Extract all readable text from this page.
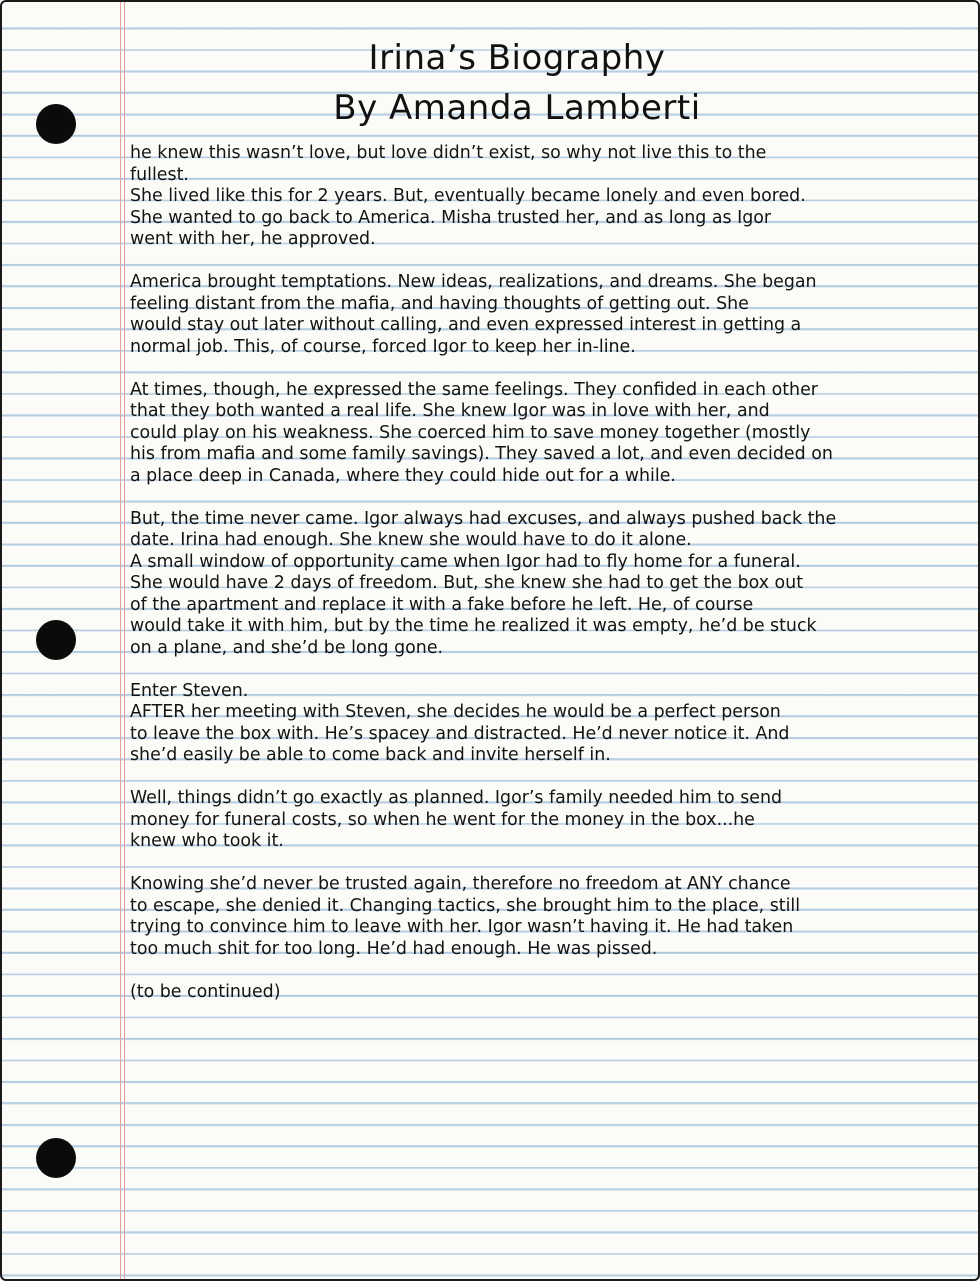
Irina’s Biography
By Amanda Lamberti
he knew this wasn’t love, but love didn’t exist, so why not live this to the
fullest.
She lived like this for 2 years. But, eventually became lonely and even bored.
She wanted to go back to America. Misha trusted her, and as long as Igor
went with her, he approved.
America brought temptations. New ideas, realizations, and dreams. She began
feeling distant from the mafia, and having thoughts of getting out. She
would stay out later without calling, and even expressed interest in getting a
normal job. This, of course, forced Igor to keep her in-line.
At times, though, he expressed the same feelings. They confided in each other
that they both wanted a real life. She knew Igor was in love with her, and
could play on his weakness. She coerced him to save money together (mostly
his from mafia and some family savings). They saved a lot, and even decided on
a place deep in Canada, where they could hide out for a while.
But, the time never came. Igor always had excuses, and always pushed back the
date. Irina had enough. She knew she would have to do it alone.
A small window of opportunity came when Igor had to fly home for a funeral.
She would have 2 days of freedom. But, she knew she had to get the box out
of the apartment and replace it with a fake before he left. He, of course
would take it with him, but by the time he realized it was empty, he’d be stuck
on a plane, and she’d be long gone.
Enter Steven.
AFTER her meeting with Steven, she decides he would be a perfect person
to leave the box with. He’s spacey and distracted. He’d never notice it. And
she’d easily be able to come back and invite herself in.
Well, things didn’t go exactly as planned. Igor’s family needed him to send
money for funeral costs, so when he went for the money in the box...he
knew who took it.
Knowing she’d never be trusted again, therefore no freedom at ANY chance
to escape, she denied it. Changing tactics, she brought him to the place, still
trying to convince him to leave with her. Igor wasn’t having it. He had taken
too much shit for too long. He’d had enough. He was pissed.
(to be continued)
